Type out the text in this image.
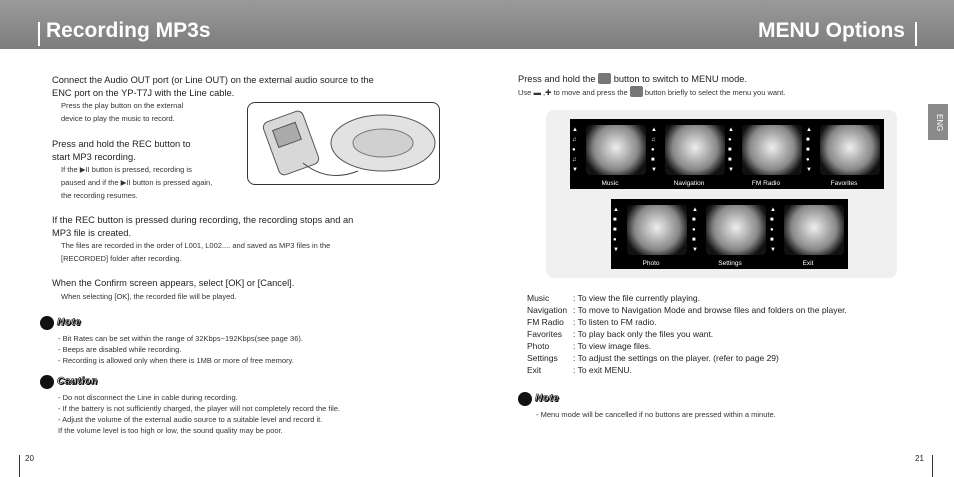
Recording MP3s	MENU Options
Connect the Audio OUT port (or Line OUT) on the external audio source to the
ENC port on the YP-T7J with the Line cable.
Press the play button on the external
device to play the music to record.
Press and hold the REC button to
start MP3 recording.
If the ▶II button is pressed, recording is
paused and if the ▶II button is pressed again,
the recording resumes.
If the REC button is pressed during recording, the recording stops and an
MP3 file is created.
The files are recorded in the order of L001, L002.... and saved as MP3 files in the
[RECORDED] folder after recording.
When the Confirm screen appears, select [OK] or [Cancel].
When selecting [OK], the recorded file will be played.
Note
- Bit Rates can be set within the range of 32Kbps~192Kbps(see page 36).
- Beeps are disabled while recording.
- Recording is allowed only when there is 1MB or more of free memory.
Caution
- Do not disconnect the Line in cable during recording.
- If the battery is not sufficiently charged, the player will not completely record the file.
- Adjust the volume of the external audio source to a suitable level and record it.
If the volume level is too high or low, the sound quality may be poor.
20
ENG
Press and hold the button to switch to MENU mode.
Use ▬ ,✚ to move and press the button briefly to select the menu you want.
▲
♫
●
♫
▼
Music
▲
♫
●
■
▼
Navigation
▲
●
■
■
▼
FM Radio
▲
■
■
●
▼
Favorites
▲
■
■
●
▼
Photo
▲
■
●
■
▼
Settings
▲
■
●
■
▼
Exit
Music	: To view the file currently playing.
Navigation : To move to Navigation Mode and browse files and folders on the player.
FM Radio : To listen to FM radio.
Favorites : To play back only the files you want.
Photo	: To view image files.
Settings : To adjust the settings on the player. (refer to page 29)
Exit	: To exit MENU.
Note
- Menu mode will be cancelled if no buttons are pressed within a minute.
21
